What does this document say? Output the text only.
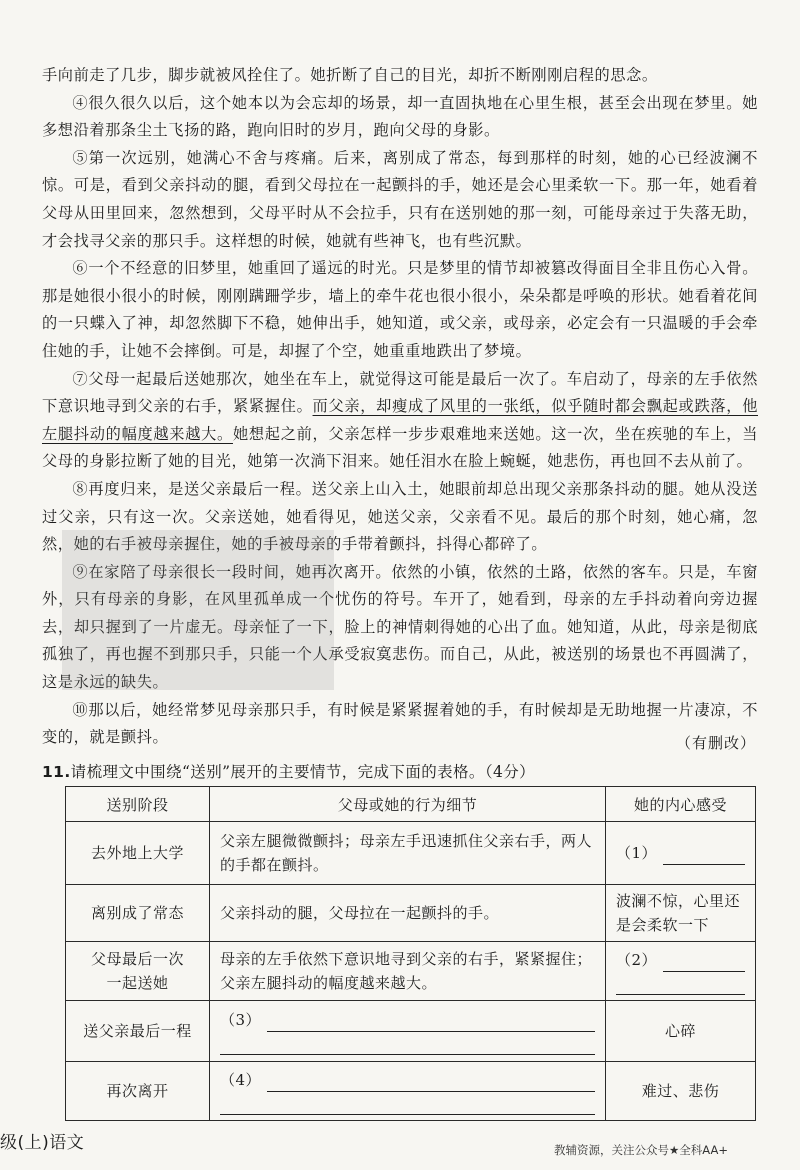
手向前走了几步，脚步就被风拴住了。她折断了自己的目光，却折不断刚刚启程的思念。

④很久很久以后，这个她本以为会忘却的场景，却一直固执地在心里生根，甚至会出现在梦里。她多想沿着那条尘土飞扬的路，跑向旧时的岁月，跑向父母的身影。

⑤第一次远别，她满心不舍与疼痛。后来，离别成了常态，每到那样的时刻，她的心已经波澜不惊。可是，看到父亲抖动的腿，看到父母拉在一起颤抖的手，她还是会心里柔软一下。那一年，她看着父母从田里回来，忽然想到，父母平时从不会拉手，只有在送别她的那一刻，可能母亲过于失落无助，才会找寻父亲的那只手。这样想的时候，她就有些神飞，也有些沉默。

⑥一个不经意的旧梦里，她重回了遥远的时光。只是梦里的情节却被篡改得面目全非且伤心入骨。那是她很小很小的时候，刚刚蹒跚学步，墙上的牵牛花也很小很小，朵朵都是呼唤的形状。她看着花间的一只蝶入了神，却忽然脚下不稳，她伸出手，她知道，或父亲，或母亲，必定会有一只温暖的手会牵住她的手，让她不会摔倒。可是，却握了个空，她重重地跌出了梦境。

⑦父母一起最后送她那次，她坐在车上，就觉得这可能是最后一次了。车启动了，母亲的左手依然下意识地寻到父亲的右手，紧紧握住。而父亲，却瘦成了风里的一张纸，似乎随时都会飘起或跌落，他左腿抖动的幅度越来越大。她想起之前，父亲怎样一步步艰难地来送她。这一次，坐在疾驰的车上，当父母的身影拉断了她的目光，她第一次淌下泪来。她任泪水在脸上蜿蜒，她悲伤，再也回不去从前了。

⑧再度归来，是送父亲最后一程。送父亲上山入土，她眼前却总出现父亲那条抖动的腿。她从没送过父亲，只有这一次。父亲送她，她看得见，她送父亲，父亲看不见。最后的那个时刻，她心痛，忽然，她的右手被母亲握住，她的手被母亲的手带着颤抖，抖得心都碎了。

⑨在家陪了母亲很长一段时间，她再次离开。依然的小镇，依然的土路，依然的客车。只是，车窗外，只有母亲的身影，在风里孤单成一个忧伤的符号。车开了，她看到，母亲的左手抖动着向旁边握去，却只握到了一片虚无。母亲怔了一下，脸上的神情刺得她的心出了血。她知道，从此，母亲是彻底孤独了，再也握不到那只手，只能一个人承受寂寞悲伤。而自己，从此，被送别的场景也不再圆满了，这是永远的缺失。

⑩那以后，她经常梦见母亲那只手，有时候是紧紧握着她的手，有时候却是无助地握一片凄凉，不变的，就是颤抖。	（有删改）
11.请梳理文中围绕“送别”展开的主要情节，完成下面的表格。（4分）
送别阶段	父母或她的行为细节	她的内心感受
去外地上大学	父亲左腿微微颤抖；母亲左手迅速抓住父亲右手，两人的手都在颤抖。	（1）

离别成了常态	父亲抖动的腿，父母拉在一起颤抖的手。	波澜不惊，心里还是会柔软一下

父母最后一次
一起送她	母亲的左手依然下意识地寻到父亲的右手，紧紧握住；父亲左腿抖动的幅度越来越大。	（2）

送父亲最后一程	（3）	心碎
再次离开	（4）	难过、悲伤
级(上)语文	教辅资源，关注公众号★全科AA+
